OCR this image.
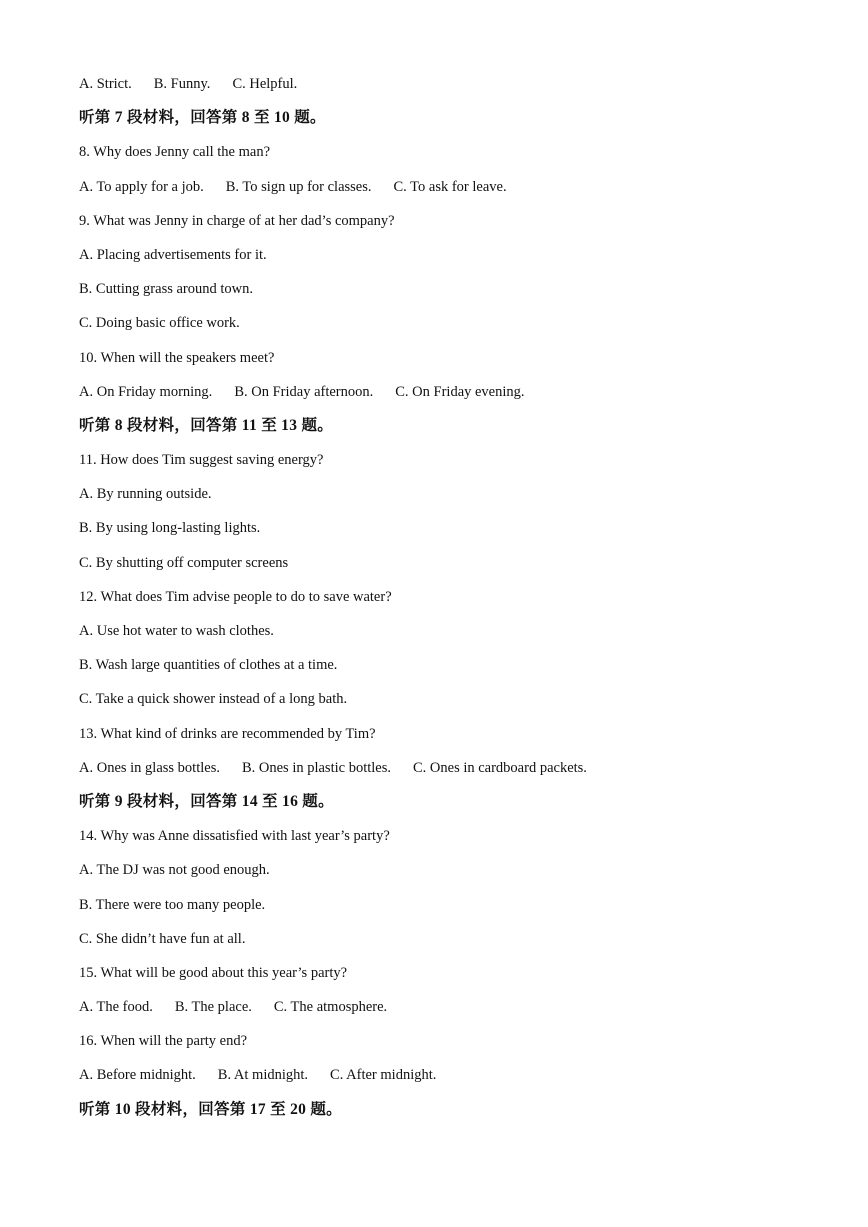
A. Strict. B. Funny. C. Helpful.
听第 7 段材料，回答第 8 至 10 题。
8. Why does Jenny call the man?
A. To apply for a job. B. To sign up for classes. C. To ask for leave.
9. What was Jenny in charge of at her dad’s company?
A. Placing advertisements for it.
B. Cutting grass around town.
C. Doing basic office work.
10. When will the speakers meet?
A. On Friday morning. B. On Friday afternoon. C. On Friday evening.
听第 8 段材料，回答第 11 至 13 题。
11. How does Tim suggest saving energy?
A. By running outside.
B. By using long-lasting lights.
C. By shutting off computer screens
12. What does Tim advise people to do to save water?
A. Use hot water to wash clothes.
B. Wash large quantities of clothes at a time.
C. Take a quick shower instead of a long bath.
13. What kind of drinks are recommended by Tim?
A. Ones in glass bottles. B. Ones in plastic bottles. C. Ones in cardboard packets.
听第 9 段材料，回答第 14 至 16 题。
14. Why was Anne dissatisfied with last year’s party?
A. The DJ was not good enough.
B. There were too many people.
C. She didn’t have fun at all.
15. What will be good about this year’s party?
A. The food. B. The place. C. The atmosphere.
16. When will the party end?
A. Before midnight. B. At midnight. C. After midnight.
听第 10 段材料，回答第 17 至 20 题。
